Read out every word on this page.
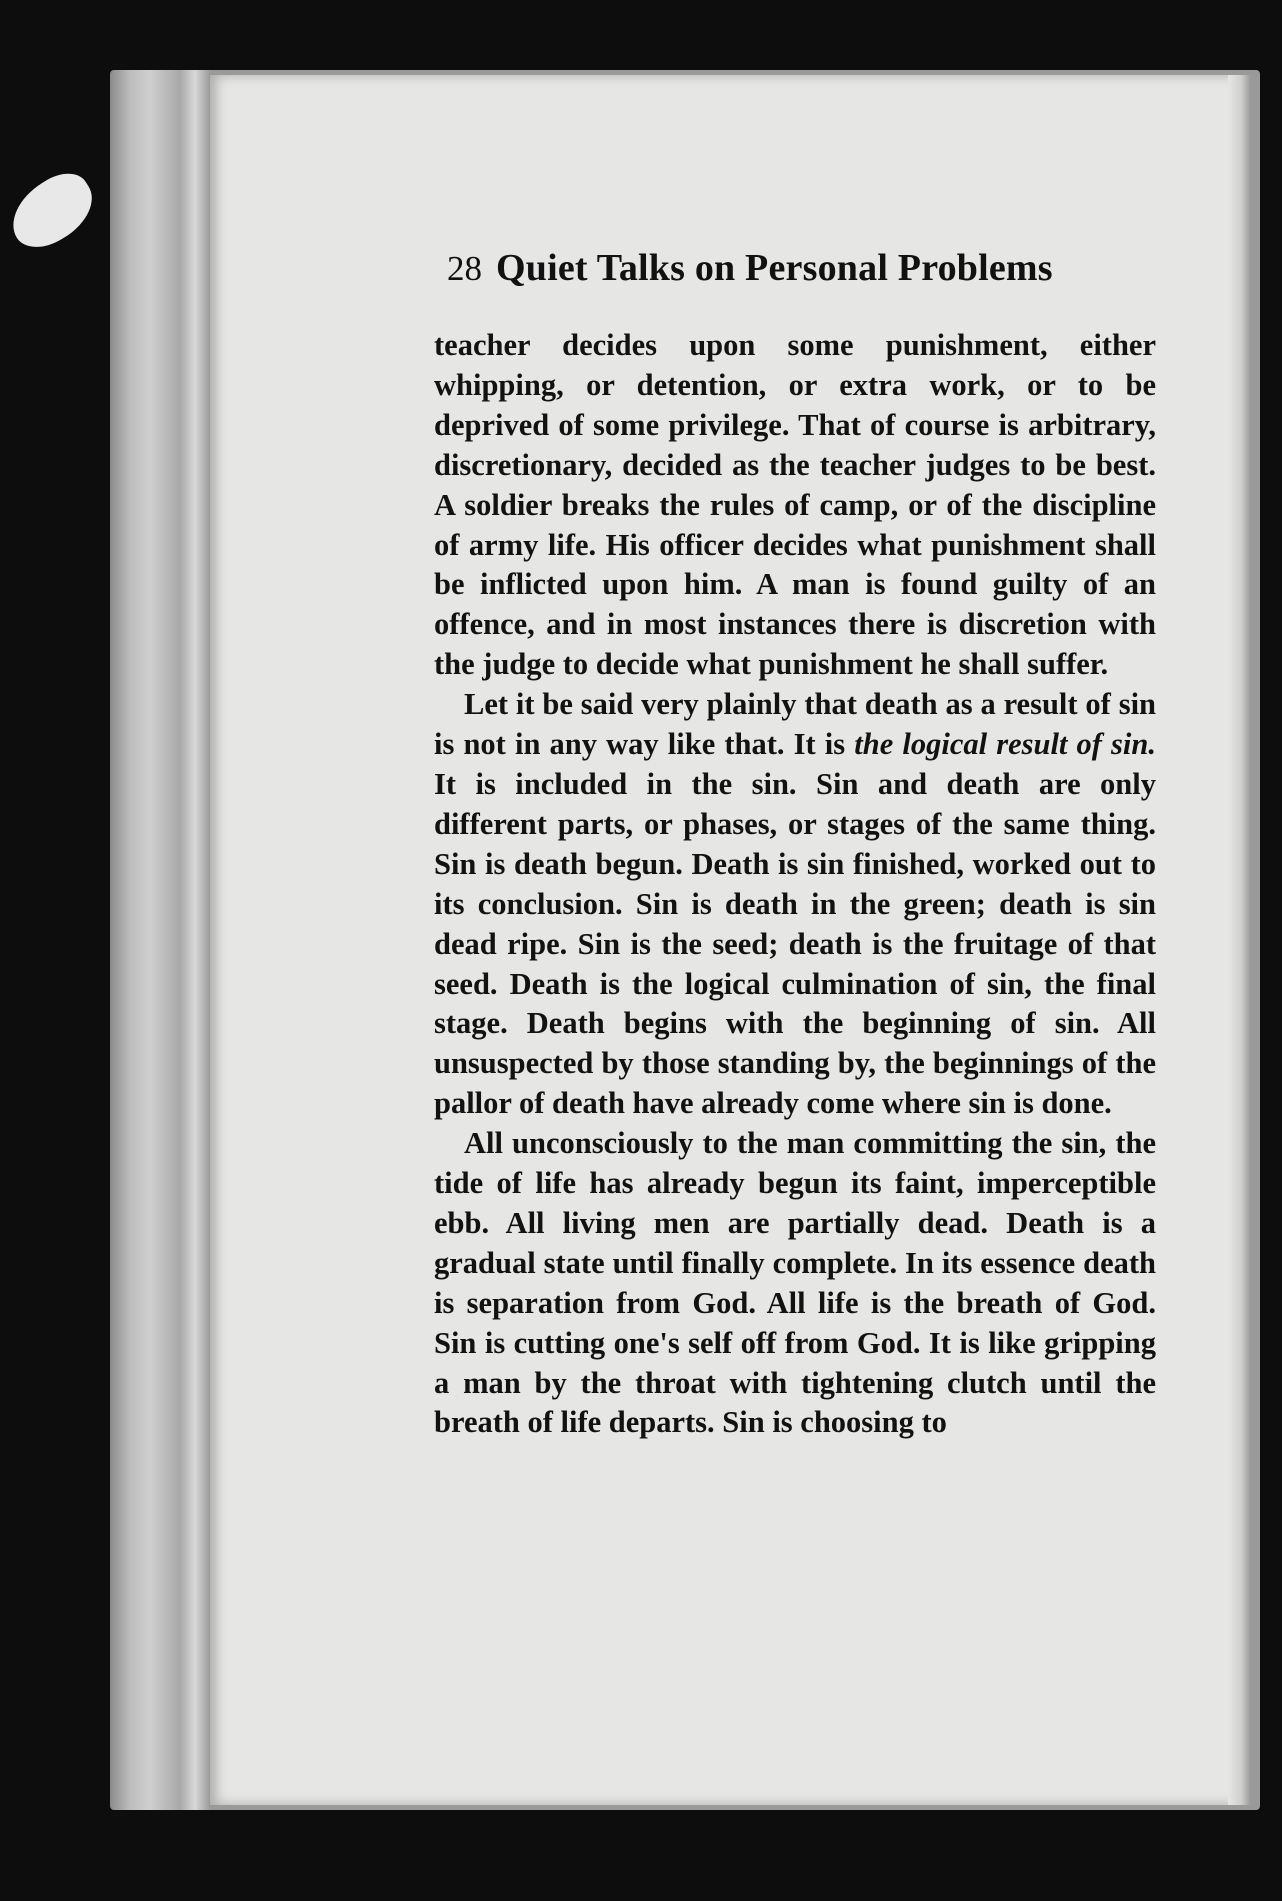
28 Quiet Talks on Personal Problems

teacher decides upon some punishment, either whipping, or detention, or extra work, or to be deprived of some privilege. That of course is arbitrary, discretionary, decided as the teacher judges to be best. A soldier breaks the rules of camp, or of the discipline of army life. His officer decides what punishment shall be inflicted upon him. A man is found guilty of an offence, and in most instances there is discretion with the judge to decide what punishment he shall suffer.

Let it be said very plainly that death as a result of sin is not in any way like that. It is the logical result of sin. It is included in the sin. Sin and death are only different parts, or phases, or stages of the same thing. Sin is death begun. Death is sin finished, worked out to its conclusion. Sin is death in the green; death is sin dead ripe. Sin is the seed; death is the fruitage of that seed. Death is the logical culmination of sin, the final stage. Death begins with the beginning of sin. All unsuspected by those standing by, the beginnings of the pallor of death have already come where sin is done.

All unconsciously to the man committing the sin, the tide of life has already begun its faint, imperceptible ebb. All living men are partially dead. Death is a gradual state until finally complete. In its essence death is separation from God. All life is the breath of God. Sin is cutting one's self off from God. It is like gripping a man by the throat with tightening clutch until the breath of life departs. Sin is choosing to
